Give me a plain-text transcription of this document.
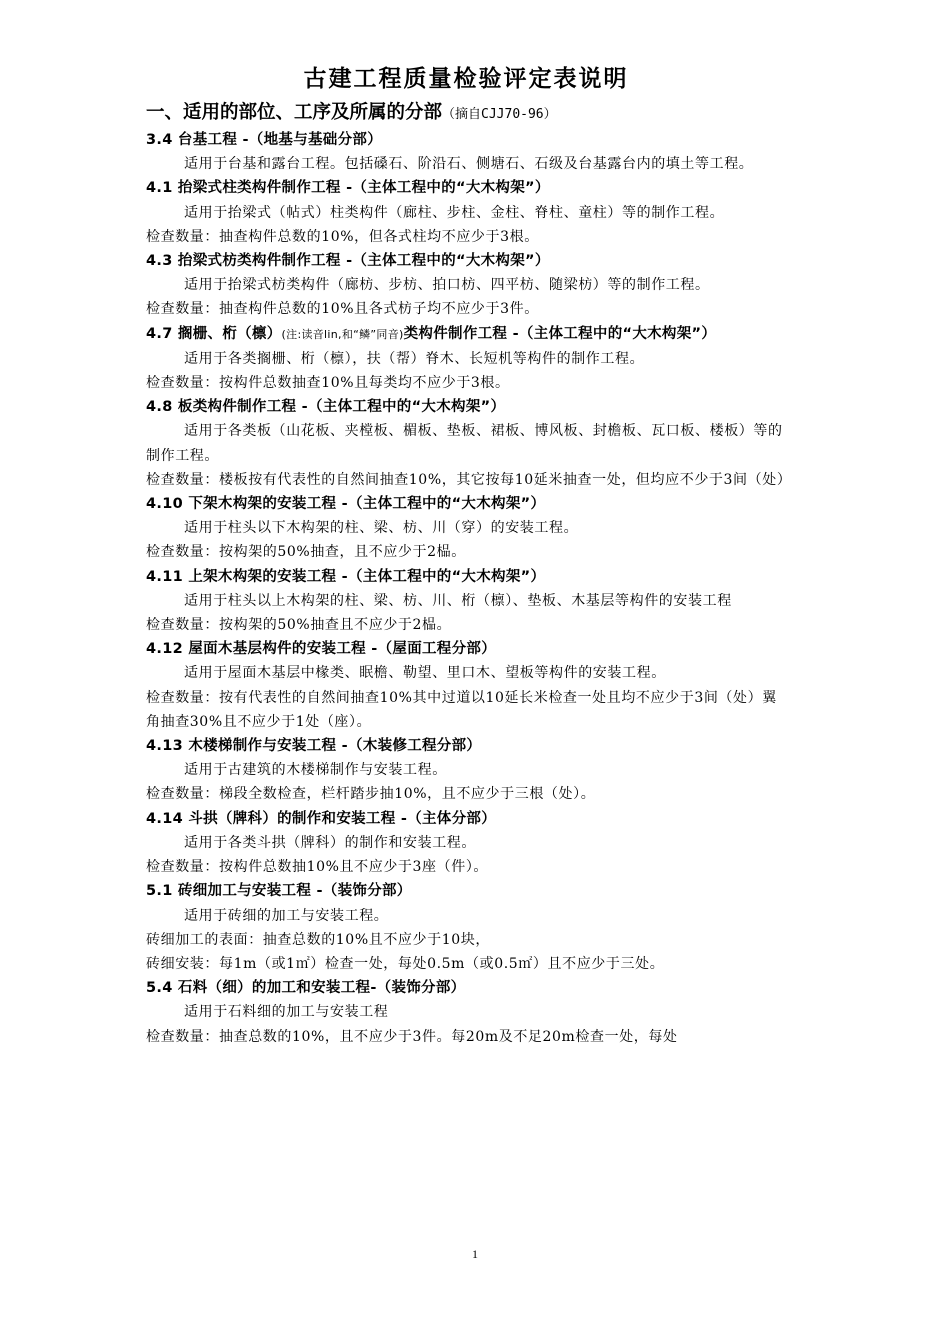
古建工程质量检验评定表说明
一、适用的部位、工序及所属的分部（摘自CJJ70-96）
3.4 台基工程 -（地基与基础分部）
适用于台基和露台工程。包括磉石、阶沿石、侧塘石、石级及台基露台内的填土等工程。
4.1 抬梁式柱类构件制作工程 -（主体工程中的“大木构架”）
适用于抬梁式（帖式）柱类构件（廊柱、步柱、金柱、脊柱、童柱）等的制作工程。
检查数量：抽查构件总数的10%，但各式柱均不应少于3根。
4.3 抬梁式枋类构件制作工程 -（主体工程中的“大木构架”）
适用于抬梁式枋类构件（廊枋、步枋、拍口枋、四平枋、随梁枋）等的制作工程。
检查数量：抽查构件总数的10%且各式枋子均不应少于3件。
4.7 搁栅、桁（檩）(注:读音lin,和“鳞”同音)类构件制作工程 -（主体工程中的“大木构架”）
适用于各类搁栅、桁（檩），扶（帮）脊木、长短机等构件的制作工程。
检查数量：按构件总数抽查10%且每类均不应少于3根。
4.8 板类构件制作工程 -（主体工程中的“大木构架”）
适用于各类板（山花板、夹樘板、楣板、垫板、裙板、博风板、封檐板、瓦口板、楼板）等的制作工程。
检查数量：楼板按有代表性的自然间抽查10%，其它按每10延米抽查一处，但均应不少于3间（处）
4.10 下架木构架的安装工程 -（主体工程中的“大木构架”）
适用于柱头以下木构架的柱、梁、枋、川（穿）的安装工程。
检查数量：按构架的50%抽查，且不应少于2榀。
4.11 上架木构架的安装工程 -（主体工程中的“大木构架”）
适用于柱头以上木构架的柱、梁、枋、川、桁（檩）、垫板、木基层等构件的安装工程
检查数量：按构架的50%抽查且不应少于2榀。
4.12 屋面木基层构件的安装工程 -（屋面工程分部）
适用于屋面木基层中椽类、眠檐、勒望、里口木、望板等构件的安装工程。
检查数量：按有代表性的自然间抽查10%其中过道以10延长米检查一处且均不应少于3间（处）翼角抽查30%且不应少于1处（座）。
4.13 木楼梯制作与安装工程 -（木装修工程分部）
适用于古建筑的木楼梯制作与安装工程。
检查数量：梯段全数检查，栏杆踏步抽10%，且不应少于三根（处）。
4.14 斗拱（牌科）的制作和安装工程 -（主体分部）
适用于各类斗拱（牌科）的制作和安装工程。
检查数量：按构件总数抽10%且不应少于3座（件）。
5.1 砖细加工与安装工程 -（装饰分部）
适用于砖细的加工与安装工程。
砖细加工的表面：抽查总数的10%且不应少于10块，
砖细安装：每1m（或1㎡）检查一处，每处0.5m（或0.5㎡）且不应少于三处。
5.4 石料（细）的加工和安装工程-（装饰分部）
适用于石料细的加工与安装工程
检查数量：抽查总数的10%，且不应少于3件。每20m及不足20m检查一处，每处
1
